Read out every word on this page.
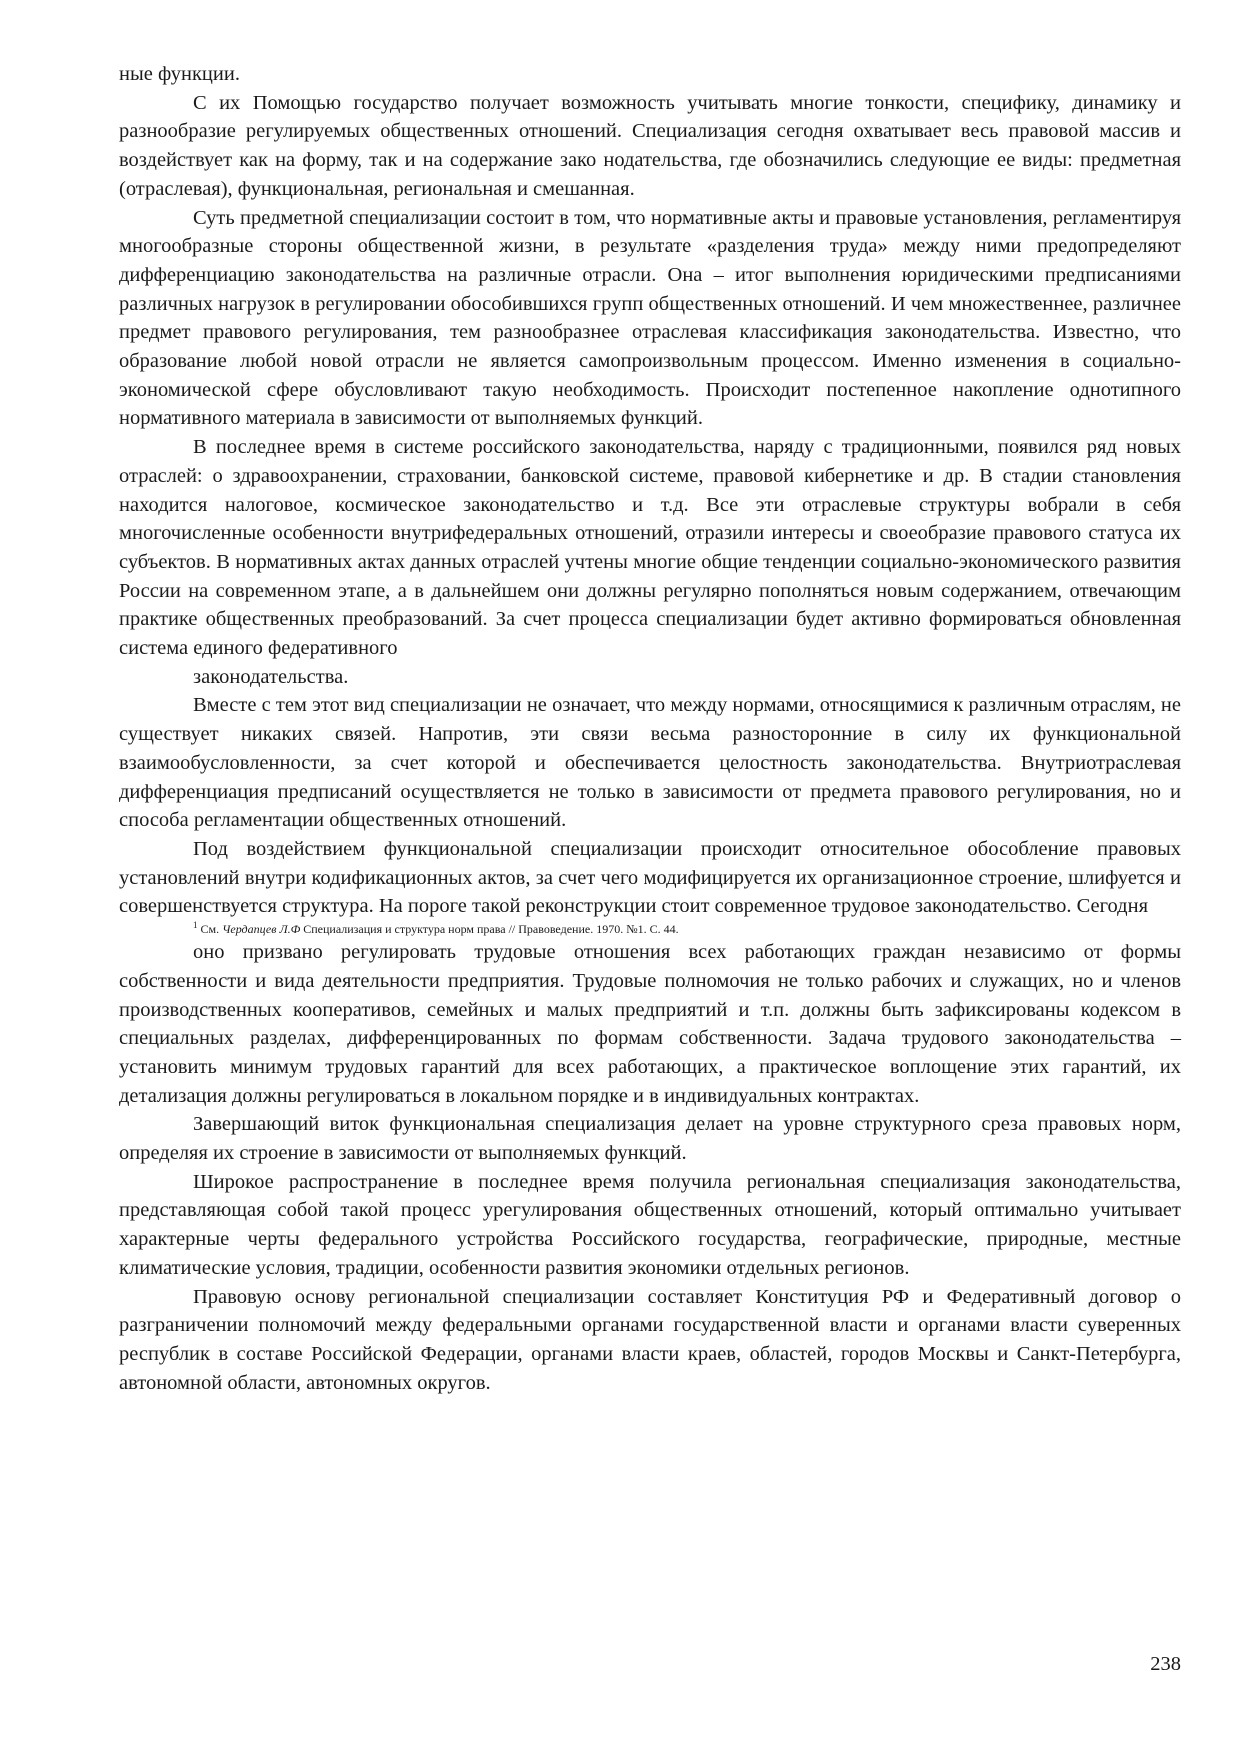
ные функции.

С их Помощью государство получает возможность учитывать многие тонкости, специфику, динамику и разнообразие регулируемых общественных отношений. Специализация сегодня охватывает весь правовой массив и воздействует как на форму, так и на содержание зако нодательства, где обозначились следующие ее виды: предметная (отраслевая), функциональная, региональная и смешанная.

Суть предметной специализации состоит в том, что нормативные акты и правовые установления, регламентируя многообразные стороны общественной жизни, в результате «разделения труда» между ними предопределяют дифференциацию законодательства на различные отрасли. Она – итог выполнения юридическими предписаниями различных нагрузок в регулировании обособившихся групп общественных отношений. И чем множественнее, различнее предмет правового регулирования, тем разнообразнее отраслевая классификация законодательства. Известно, что образование любой новой отрасли не является самопроизвольным процессом. Именно изменения в социально-экономической сфере обусловливают такую необходимость. Происходит постепенное накопление однотипного нормативного материала в зависимости от выполняемых функций.

В последнее время в системе российского законодательства, наряду с традиционными, появился ряд новых отраслей: о здравоохранении, страховании, банковской системе, правовой кибернетике и др. В стадии становления находится налоговое, космическое законодательство и т.д. Все эти отраслевые структуры вобрали в себя многочисленные особенности внутрифедеральных отношений, отразили интересы и своеобразие правового статуса их субъектов. В нормативных актах данных отраслей учтены многие общие тенденции социально-экономического развития России на современном этапе, а в дальнейшем они должны регулярно пополняться новым содержанием, отвечающим практике общественных преобразований. За счет процесса специализации будет активно формироваться обновленная система единого федеративного

законодательства.

Вместе с тем этот вид специализации не означает, что между нормами, относящимися к различным отраслям, не существует никаких связей. Напротив, эти связи весьма разносторонние в силу их функциональной взаимообусловленности, за счет которой и обеспечивается целостность законодательства. Внутриотраслевая дифференциация предписаний осуществляется не только в зависимости от предмета правового регулирования, но и способа регламентации общественных отношений.

Под воздействием функциональной специализации происходит относительное обособление правовых установлений внутри кодификационных актов, за счет чего модифицируется их организационное строение, шлифуется и совершенствуется структура. На пороге такой реконструкции стоит современное трудовое законодательство. Сегодня

$^1$ См. Чердапцев Л.Ф Специализация и структура норм права // Правоведение. 1970. №1. С. 44.

оно призвано регулировать трудовые отношения всех работающих граждан независимо от формы собственности и вида деятельности предприятия. Трудовые полномочия не только рабочих и служащих, но и членов производственных кооперативов, семейных и малых предприятий и т.п. должны быть зафиксированы кодексом в специальных разделах, дифференцированных по формам собственности. Задача трудового законодательства – установить минимум трудовых гарантий для всех работающих, а практическое воплощение этих гарантий, их детализация должны регулироваться в локальном порядке и в индивидуальных контрактах.

Завершающий виток функциональная специализация делает на уровне структурного среза правовых норм, определяя их строение в зависимости от выполняемых функций.

Широкое распространение в последнее время получила региональная специализация законодательства, представляющая собой такой процесс урегулирования общественных отношений, который оптимально учитывает характерные черты федерального устройства Российского государства, географические, природные, местные климатические условия, традиции, особенности развития экономики отдельных регионов.

Правовую основу региональной специализации составляет Конституция РФ и Федеративный договор о разграничении полномочий между федеральными органами государственной власти и органами власти суверенных республик в составе Российской Федерации, органами власти краев, областей, городов Москвы и Санкт-Петербурга, автономной области, автономных округов.

238
